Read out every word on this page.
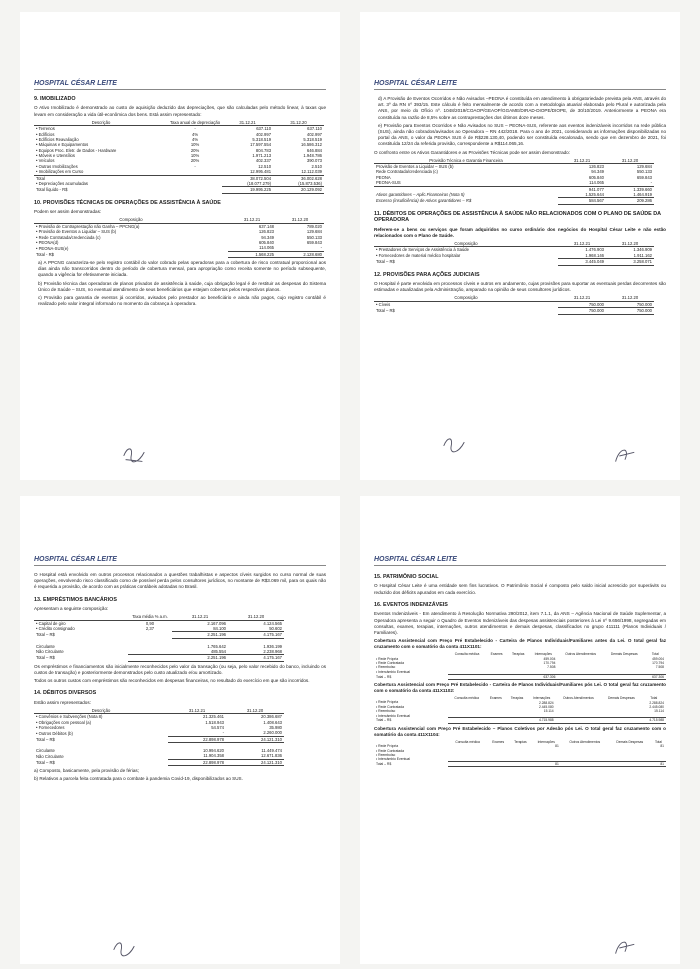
HOSPITAL CÉSAR LEITE
9. IMOBILIZADO
O Ativo Imobilizado é demonstrado ao custo de aquisição deduzido das depreciações, que são calculadas pelo método linear, à taxas que levam em consideração a vida útil-econômica dos bens. Está assim representado:
Descrição	Taxa anual de depreciação	31.12.21	31.12.20
• Terrenos	-	637.110	637.110
• Edifícios	4%	402.997	402.997
• Edifícios Reavaliação	4%	5.318.519	5.318.519
• Máquinas e Equipamentos	10%	17.597.554	16.586.312
• Equipos Proc. Eletr. de Dados - Hardware	20%	804.783	646.884
• Móveis e Utensílios	10%	1.971.213	1.948.786
• Veículos	20%	402.337	390.073
• Outras Imobilizações	-	12.510	2.510
• Imobilizações em Curso		12.995.481	12.112.039
Total		38.072.504	36.002.628
• Depreciações acumuladas		(18.077.279)	(15.873.536)
Total líquido - R$		19.995.225	20.129.092
10. PROVISÕES TÉCNICAS DE OPERAÇÕES DE ASSISTÊNCIA À SAÚDE
Podem ser assim demonstradas:
Composição	31.12.21	31.12.20
• Provisão de Contraprestação não Ganha – PPCNG(a)	637.148	789.020
• Provisão de Eventos a Liquidar – SUS (b)	126.823	129.684
• Rede Contratada/credenciada (c)	94.349	550.133
• PEONA(d)	605.840	659.843
• PEONA-SUS(e)	114.065	-
Total - R$	1.568.225	2.128.680
a) A PPCNG caracteriza-se pelo registro contábil do valor cobrado pelas operadoras para a cobertura de risco contratual proporcional aos dias ainda não transcorridos dentro do período de cobertura mensal, para apropriação como receita somente no período subsequente, quando a vigência for efetivamente iniciada.
b) Provisão técnica das operadoras de planos privados de assistência à saúde, cuja obrigação legal é de restituir as despesas do Sistema Único de Saúde – SUS, no eventual atendimento de seus beneficiários que estejam cobertos pelos respectivos planos.
c) Provisão para garantia de eventos já ocorridos, avisados pelo prestador ao beneficiário e ainda não pagos, cujo registro contábil é realizado pelo valor integral informado no momento da cobrança à operadora.
HOSPITAL CÉSAR LEITE
d) A Provisão de Eventos Ocorridos e Não Avisados –PEONA é constituída em atendimento à obrigatoriedade prevista pela ANS, através do art. 3º da RN nº 393/15. Este cálculo é feito mensalmente de acordo com a metodologia atuarial elaborada pelo Plural e autorizada pela ANS, por meio do Ofício nº. 1048/2019/COAOP/GEAOP/GGAME/DIRAD-DIOPE/DIOPE, de 30/10/2019. Anteriormente a PEONA era constituída na razão de 8,5% sobre as contraprestações dos últimos doze meses.
e) Provisão para Eventos Ocorridos e Não Avisados no SUS – PEONA-SUS, referente aos eventos indenizáveis incorridos na rede pública (SUS), ainda não cobrados/avisados ao Operadora – RN 442/2018. Para o ano de 2021, considerando as informações disponibilizadas no portal da ANS, o valor da PEONA SUS é de R$228.130,40, podendo ser constituída escalonada, sendo que em dezembro de 2021, foi constituída 12/24 da referida provisão, correspondente a R$114.065,16.
O confronto entre os Ativos Garantidores e as Provisões Técnicas pode ser assim demonstrado:
Provisão Técnica e Garantia Financeira	31.12.21	31.12.20
Provisão de Eventos a Liquidar – SUS (b)	126.823	129.684
Rede Contratada/credenciada (c)	94.349	550.133
PEONA	605.840	659.843
PEONA-SUS	114.065	-
	941.077	1.339.660
Ativos garantidores – Aplic.Financeiras (Nota 5)	1.525.644	1.464.919
Excesso (insuficiência) de Ativos garantidores – R$	584.567	209.286
11. DÉBITOS DE OPERAÇÕES DE ASSISTÊNCIA À SAÚDE NÃO RELACIONADOS COM O PLANO DE SAÚDE DA OPERADORA
Referem-se a bens ou serviços que foram adquiridos no curso ordinário dos negócios do Hospital César Leite e não estão relacionados com o Plano de Saúde.
Composição	31.12.21	31.12.20
• Prestadores de Serviços de Assistência à Saúde	1.476.903	1.346.909
• Fornecedores de material médico hospitalar	1.968.146	1.911.162
Total – R$	3.445.049	3.258.071
12. PROVISÕES PARA AÇÕES JUDICIAIS
O Hospital é parte envolvida em processos cíveis e outros em andamento, cujas provisões para suportar as eventuais perdas decorrentes são estimadas e atualizadas pela Administração, amparado na opinião de seus consultores jurídicos.
Composição	31.12.21	31.12.20
• Cíveis	750.000	750.000
Total – R$	750.000	750.000
HOSPITAL CÉSAR LEITE
O Hospital está envolvido em outros processos relacionados a questões trabalhistas e aspectos cíveis surgidos no curso normal de suas operações, envolvendo risco classificado como de possível perda pelos consultores jurídicos, no montante de R$3.069 mil, para os quais não é requerida a provisão, de acordo com as práticas contábeis adotadas no Brasil.
13. EMPRÉSTIMOS BANCÁRIOS
Apresentam a seguinte composição:
	Taxa média % a.m.	31.12.21	31.12.20
• Capital de giro	0,90	2.167.096	4.124.565
• Crédito consignado	2,37	84.100	50.602
Total – R$		2.251.196	4.175.167

Circulante		1.765.642	1.936.199
Não Circulante		485.554	2.238.968
Total – R$		2.251.196	4.175.167
Os empréstimos e financiamentos são inicialmente reconhecidos pelo valor da transação (ou seja, pelo valor recebido do banco, incluindo os custos de transação) e posteriormente demonstrados pelo custo atualizado e/ou amortizado.
Todos os outros custos com empréstimos são reconhecidos em despesas financeiras, no resultado do exercício em que são incorridos.
14. DÉBITOS DIVERSOS
Estão assim representados:
Descrição	31.12.21	31.12.20
• Convênios e Subvenções (Nota 8)	21.325.461	20.386.687
• Obrigações com pessoal (a)	1.518.943	1.408.643
• Fornecedores	54.574	35.980
• Outros Débitos (b)	-	2.260.000
Total – R$	22.898.978	24.121.310

Circulante	10.994.620	11.449.474
Não Circulante	11.904.358	12.671.836
Total – R$	22.898.978	24.121.310
a) Composto, basicamente, pela provisão de férias;
b) Relativos a parcela feita contratada para o combate à pandemia Covid-19, disponibilizados ao SUS.
HOSPITAL CÉSAR LEITE
15. PATRIMÔNIO SOCIAL
O Hospital César Leite é uma entidade sem fins lucrativos. O Patrimônio Social é composto pelo saldo inicial acrescido por superávits ou reduzido dos déficits apurados em cada exercício.
16. EVENTOS INDENIZÁVEIS
Eventos Indenizáveis - Em atendimento à Resolução Normativa 290/2012, item 7.1.1, da ANS – Agência Nacional de Saúde Suplementar, a Operadora apresenta a seguir o Quadro de Eventos Indenizáveis das despesas assistenciais posteriores à Lei nº 9.656/1998, segregadas em consultas, exames, terapias, internações, outros atendimentos e demais despesas, classificados no grupo 411111 (Planos Individuais / Familiares).
Cobertura Assistencial com Preço Pré Estabelecido - Carteira de Planos Individuais/Familiares antes da Lei. O total geral faz cruzamento com o somatório da conta 411X1101:
	Consulta médica	Exames	Terapias	Internações	Outros Atendimentos	Demais Despesas	Total
• Rede Própria				459.004			459.004
• Rede Contratada				170.794			170.794
• Reembolso				7.508			7.508
• Intercâmbio Eventual							
Total – R$				637.306			637.306
Cobertura Assistencial com Preço Pré Estabelecido - Carteira de Planos Individuais/Familiares pós Lei. O total geral faz cruzamento com o somatório da conta 411X1102:
	Consulta médica	Exames	Terapias	Internações	Outros Atendimentos	Demais Despesas	Total
• Rede Própria				2.288.824			2.288.824
• Rede Contratada				2.445.080			2.445.080
• Reembolso				15.114			15.114
• Intercâmbio Eventual							
Total – R$				4.715.988			4.715.988
Cobertura Assistencial com Preço Pré Estabelecido – Planos Coletivos por Adesão pós Lei. O total geral faz cruzamento com o somatório da conta 411X1104:
	Consulta médica	Exames	Terapias	Internações	Outros Atendimentos	Demais Despesas	Total
• Rede Própria				81			81
• Rede Contratada							
• Reembolso							
• Intercâmbio Eventual							
Total – R$				81			81
